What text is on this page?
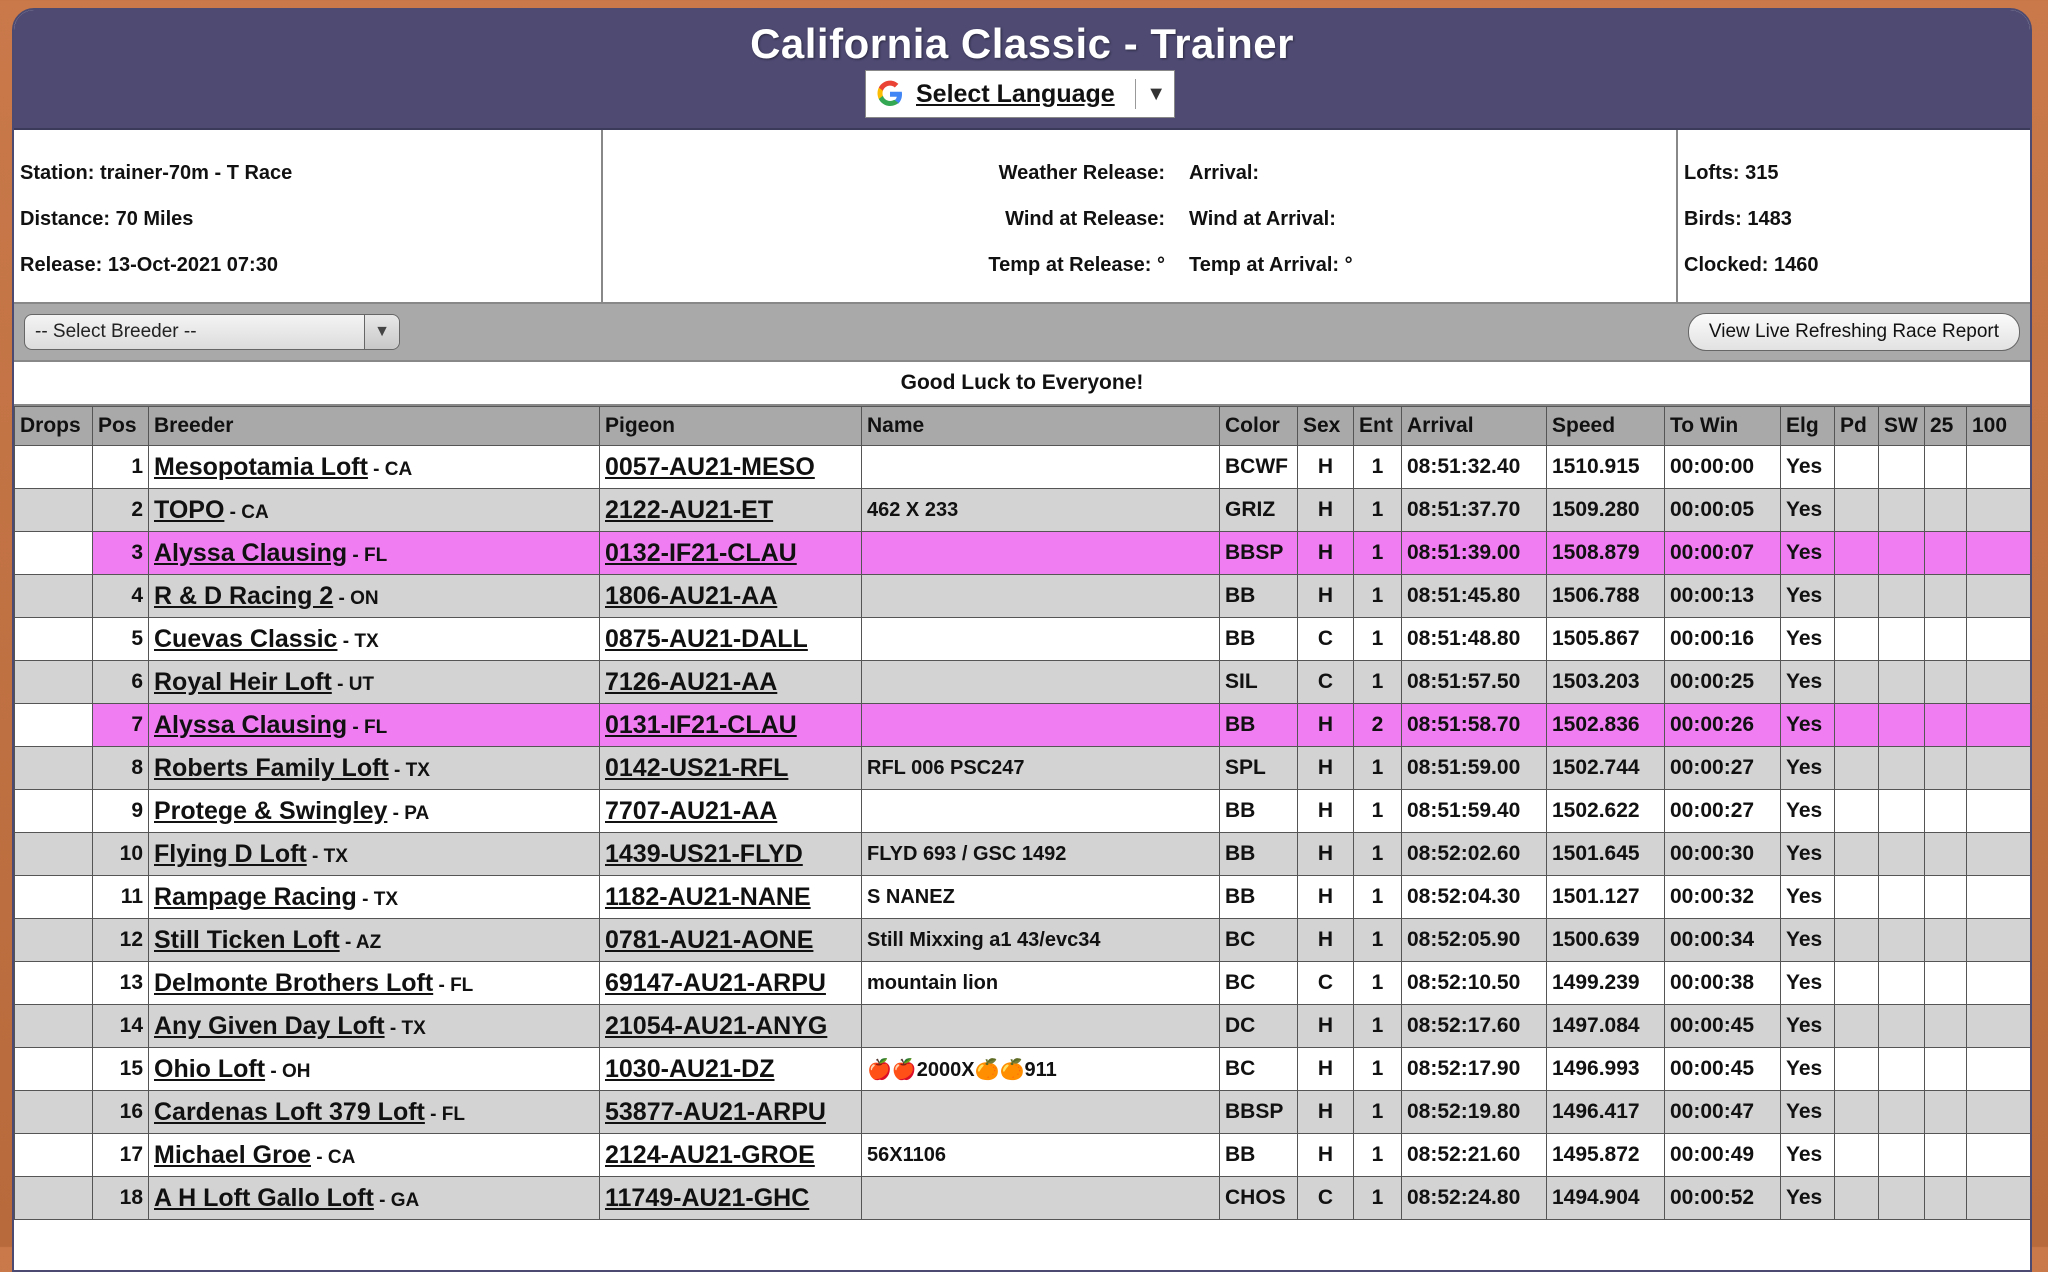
California Classic - Trainer
Select Language	▼
Station: trainer-70m - T Race
Distance: 70 Miles
Release: 13-Oct-2021 07:30
Weather Release:
Wind at Release:
Temp at Release: °
Arrival:
Wind at Arrival:
Temp at Arrival: °
Lofts: 315
Birds: 1483
Clocked: 1460
-- Select Breeder --	▼	View Live Refreshing Race Report
Good Luck to Everyone!
Drops	Pos	Breeder	Pigeon	Name	Color	Sex	Ent	Arrival	Speed	To Win	Elg	Pd	SW	25	100
	1	Mesopotamia Loft - CA	0057-AU21-MESO		BCWF	H	1	08:51:32.40	1510.915	00:00:00	Yes				
	2	TOPO - CA	2122-AU21-ET	462 X 233	GRIZ	H	1	08:51:37.70	1509.280	00:00:05	Yes				
	3	Alyssa Clausing - FL	0132-IF21-CLAU		BBSP	H	1	08:51:39.00	1508.879	00:00:07	Yes				
	4	R & D Racing 2 - ON	1806-AU21-AA		BB	H	1	08:51:45.80	1506.788	00:00:13	Yes				
	5	Cuevas Classic - TX	0875-AU21-DALL		BB	C	1	08:51:48.80	1505.867	00:00:16	Yes				
	6	Royal Heir Loft - UT	7126-AU21-AA		SIL	C	1	08:51:57.50	1503.203	00:00:25	Yes				
	7	Alyssa Clausing - FL	0131-IF21-CLAU		BB	H	2	08:51:58.70	1502.836	00:00:26	Yes				
	8	Roberts Family Loft - TX	0142-US21-RFL	RFL 006 PSC247	SPL	H	1	08:51:59.00	1502.744	00:00:27	Yes				
	9	Protege & Swingley - PA	7707-AU21-AA		BB	H	1	08:51:59.40	1502.622	00:00:27	Yes				
	10	Flying D Loft - TX	1439-US21-FLYD	FLYD 693 / GSC 1492	BB	H	1	08:52:02.60	1501.645	00:00:30	Yes				
	11	Rampage Racing - TX	1182-AU21-NANE	S NANEZ	BB	H	1	08:52:04.30	1501.127	00:00:32	Yes				
	12	Still Ticken Loft - AZ	0781-AU21-AONE	Still Mixxing a1 43/evc34	BC	H	1	08:52:05.90	1500.639	00:00:34	Yes				
	13	Delmonte Brothers Loft - FL	69147-AU21-ARPU	mountain lion	BC	C	1	08:52:10.50	1499.239	00:00:38	Yes				
	14	Any Given Day Loft - TX	21054-AU21-ANYG		DC	H	1	08:52:17.60	1497.084	00:00:45	Yes				
	15	Ohio Loft - OH	1030-AU21-DZ	🍎🍎2000X🍊🍊911	BC	H	1	08:52:17.90	1496.993	00:00:45	Yes				
	16	Cardenas Loft 379 Loft - FL	53877-AU21-ARPU		BBSP	H	1	08:52:19.80	1496.417	00:00:47	Yes				
	17	Michael Groe - CA	2124-AU21-GROE	56X1106	BB	H	1	08:52:21.60	1495.872	00:00:49	Yes				
	18	A H Loft Gallo Loft - GA	11749-AU21-GHC		CHOS	C	1	08:52:24.80	1494.904	00:00:52	Yes				
